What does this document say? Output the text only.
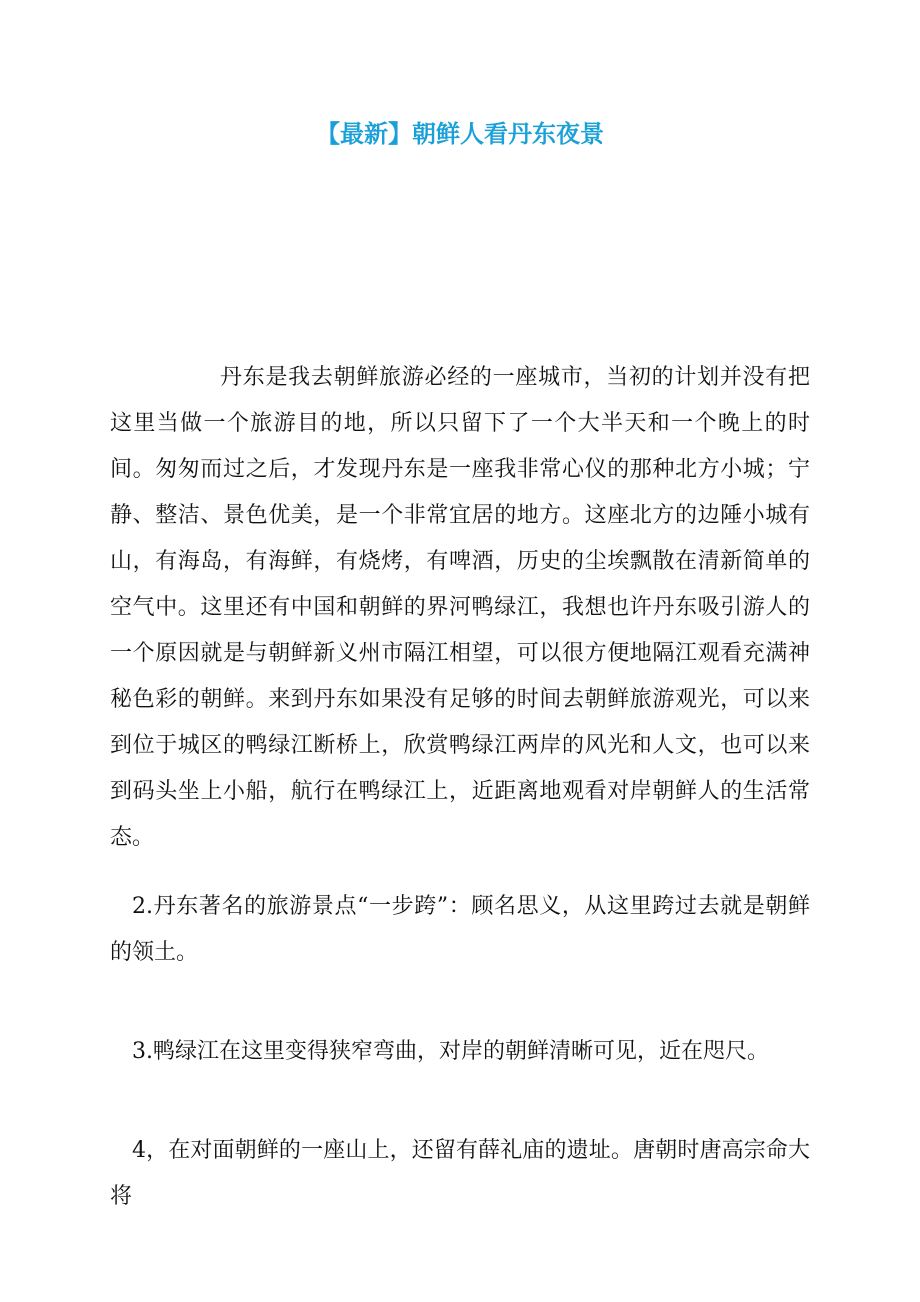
【最新】朝鲜人看丹东夜景

丹东是我去朝鲜旅游必经的一座城市，当初的计划并没有把这里当做一个旅游目的地，所以只留下了一个大半天和一个晚上的时间。匆匆而过之后，才发现丹东是一座我非常心仪的那种北方小城；宁静、整洁、景色优美，是一个非常宜居的地方。这座北方的边陲小城有山，有海岛，有海鲜，有烧烤，有啤酒，历史的尘埃飘散在清新简单的空气中。这里还有中国和朝鲜的界河鸭绿江，我想也许丹东吸引游人的一个原因就是与朝鲜新义州市隔江相望，可以很方便地隔江观看充满神秘色彩的朝鲜。来到丹东如果没有足够的时间去朝鲜旅游观光，可以来到位于城区的鸭绿江断桥上，欣赏鸭绿江两岸的风光和人文，也可以来到码头坐上小船，航行在鸭绿江上，近距离地观看对岸朝鲜人的生活常态。

2.丹东著名的旅游景点“一步跨”：顾名思义，从这里跨过去就是朝鲜的领土。

3.鸭绿江在这里变得狭窄弯曲，对岸的朝鲜清晰可见，近在咫尺。

4，在对面朝鲜的一座山上，还留有薛礼庙的遗址。唐朝时唐高宗命大将
